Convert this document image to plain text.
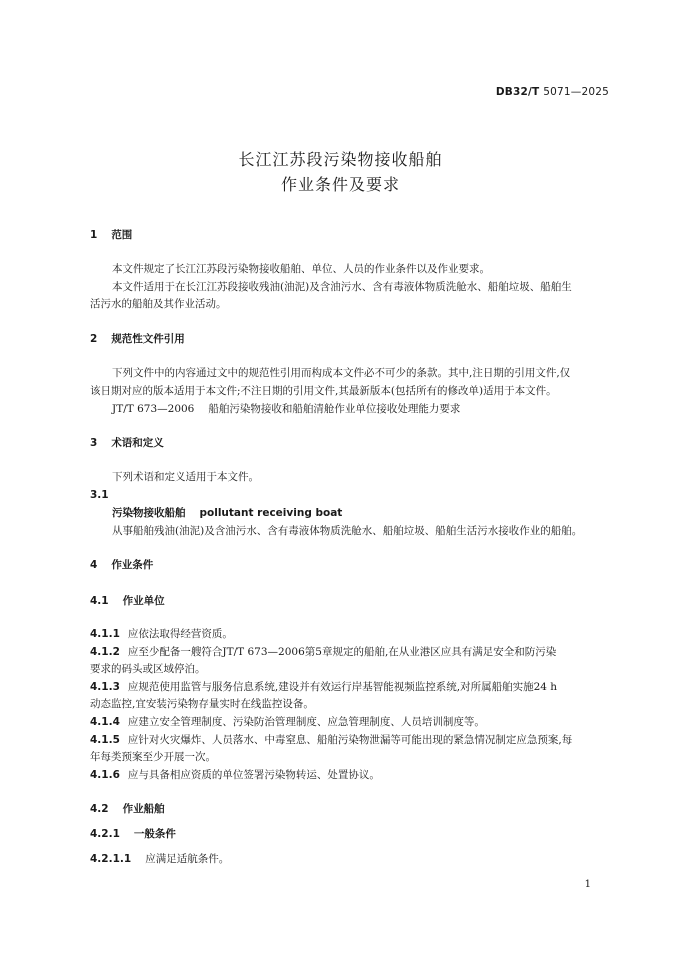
DB32/T 5071—2025
长江江苏段污染物接收船舶
作业条件及要求
1 范围
本文件规定了长江江苏段污染物接收船舶、单位、人员的作业条件以及作业要求。
本文件适用于在长江江苏段接收残油(油泥)及含油污水、含有毒液体物质洗舱水、船舶垃圾、船舶生
活污水的船舶及其作业活动。
2 规范性文件引用
下列文件中的内容通过文中的规范性引用而构成本文件必不可少的条款。其中,注日期的引用文件,仅
该日期对应的版本适用于本文件;不注日期的引用文件,其最新版本(包括所有的修改单)适用于本文件。
JT/T 673—2006 船舶污染物接收和船舶清舱作业单位接收处理能力要求
3 术语和定义
下列术语和定义适用于本文件。
3.1
污染物接收船舶 pollutant receiving boat
从事船舶残油(油泥)及含油污水、含有毒液体物质洗舱水、船舶垃圾、船舶生活污水接收作业的船舶。
4 作业条件
4.1 作业单位
4.1.1 应依法取得经营资质。
4.1.2 应至少配备一艘符合JT/T 673—2006第5章规定的船舶,在从业港区应具有满足安全和防污染
要求的码头或区域停泊。
4.1.3 应规范使用监管与服务信息系统,建设并有效运行岸基智能视频监控系统,对所属船舶实施24 h
动态监控,宜安装污染物存量实时在线监控设备。
4.1.4 应建立安全管理制度、污染防治管理制度、应急管理制度、人员培训制度等。
4.1.5 应针对火灾爆炸、人员落水、中毒窒息、船舶污染物泄漏等可能出现的紧急情况制定应急预案,每
年每类预案至少开展一次。
4.1.6 应与具备相应资质的单位签署污染物转运、处置协议。
4.2 作业船舶
4.2.1 一般条件
4.2.1.1 应满足适航条件。
1
